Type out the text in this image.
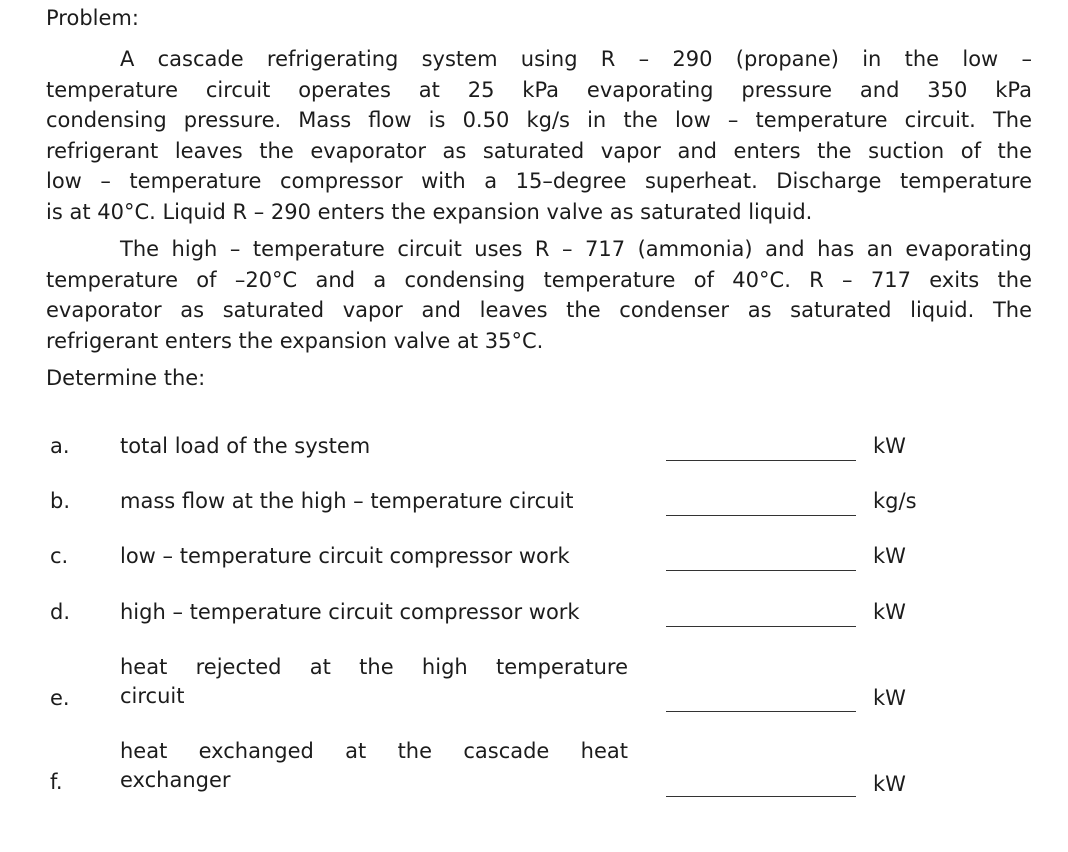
Problem:
A cascade refrigerating system using R – 290 (propane) in the low –
temperature circuit operates at 25 kPa evaporating pressure and 350 kPa
condensing pressure. Mass flow is 0.50 kg/s in the low – temperature circuit. The
refrigerant leaves the evaporator as saturated vapor and enters the suction of the
low – temperature compressor with a 15–degree superheat. Discharge temperature
is at 40°C. Liquid R – 290 enters the expansion valve as saturated liquid.
The high – temperature circuit uses R – 717 (ammonia) and has an evaporating
temperature of –20°C and a condensing temperature of 40°C. R – 717 exits the
evaporator as saturated vapor and leaves the condenser as saturated liquid. The
refrigerant enters the expansion valve at 35°C.
Determine the:
a. total load of the system	kW
b. mass flow at the high – temperature circuit	kg/s
c. low – temperature circuit compressor work	kW
d. high – temperature circuit compressor work	kW
e.
heat rejected at the high temperature
circuit	kW
f.
heat exchanged at the cascade heat
exchanger	kW
